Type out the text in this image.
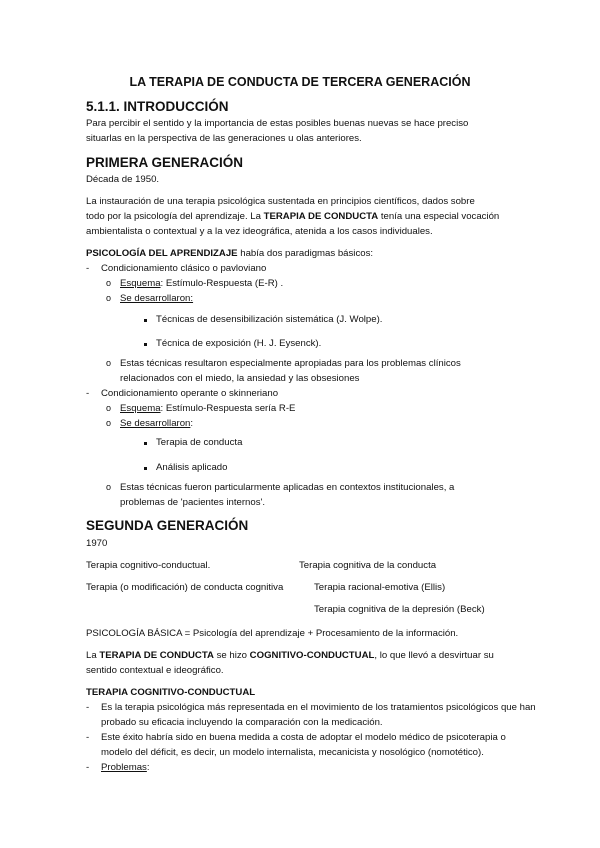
LA TERAPIA DE CONDUCTA DE TERCERA GENERACIÓN
5.1.1. INTRODUCCIÓN
Para percibir el sentido y la importancia de estas posibles buenas nuevas se hace preciso
situarlas en la perspectiva de las generaciones u olas anteriores.
PRIMERA GENERACIÓN
Década de 1950.
La instauración de una terapia psicológica sustentada en principios científicos, dados sobre
todo por la psicología del aprendizaje. La TERAPIA DE CONDUCTA tenía una especial vocación
ambientalista o contextual y a la vez ideográfica, atenida a los casos individuales.
PSICOLOGÍA DEL APRENDIZAJE había dos paradigmas básicos:
- Condicionamiento clásico o pavloviano
o Esquema: Estímulo-Respuesta (E-R) .
o Se desarrollaron:
Técnicas de desensibilización sistemática (J. Wolpe).
Técnica de exposición (H. J. Eysenck).
o Estas técnicas resultaron especialmente apropiadas para los problemas clínicos
relacionados con el miedo, la ansiedad y las obsesiones
- Condicionamiento operante o skinneriano
o Esquema: Estímulo-Respuesta sería R-E
o Se desarrollaron:
Terapia de conducta
Análisis aplicado
o Estas técnicas fueron particularmente aplicadas en contextos institucionales, a
problemas de 'pacientes internos'.
SEGUNDA GENERACIÓN
1970
Terapia cognitivo-conductual.	Terapia cognitiva de la conducta
Terapia (o modificación) de conducta cognitiva	Terapia racional-emotiva (Ellis)
Terapia cognitiva de la depresión (Beck)
PSICOLOGÍA BÁSICA = Psicología del aprendizaje + Procesamiento de la información.
La TERAPIA DE CONDUCTA se hizo COGNITIVO-CONDUCTUAL, lo que llevó a desvirtuar su
sentido contextual e ideográfico.
TERAPIA COGNITIVO-CONDUCTUAL
- Es la terapia psicológica más representada en el movimiento de los tratamientos psicológicos que han
probado su eficacia incluyendo la comparación con la medicación.
- Este éxito habría sido en buena medida a costa de adoptar el modelo médico de psicoterapia o
modelo del déficit, es decir, un modelo internalista, mecanicista y nosológico (nomotético).
- Problemas:
